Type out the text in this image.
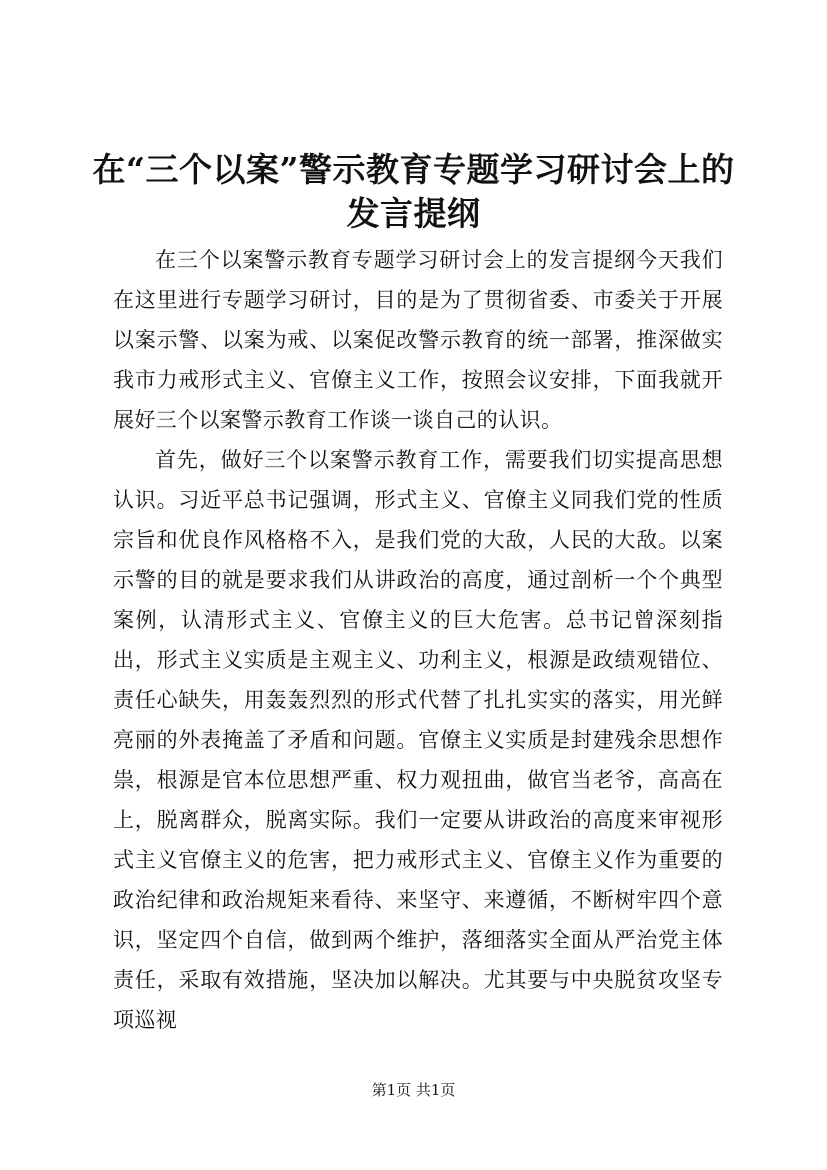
在“三个以案”警示教育专题学习研讨会上的
发言提纲

在三个以案警示教育专题学习研讨会上的发言提纲今天我们在这里进行专题学习研讨，目的是为了贯彻省委、市委关于开展以案示警、以案为戒、以案促改警示教育的统一部署，推深做实我市力戒形式主义、官僚主义工作，按照会议安排，下面我就开展好三个以案警示教育工作谈一谈自己的认识。

首先，做好三个以案警示教育工作，需要我们切实提高思想认识。习近平总书记强调，形式主义、官僚主义同我们党的性质宗旨和优良作风格格不入，是我们党的大敌，人民的大敌。以案示警的目的就是要求我们从讲政治的高度，通过剖析一个个典型案例，认清形式主义、官僚主义的巨大危害。总书记曾深刻指出，形式主义实质是主观主义、功利主义，根源是政绩观错位、责任心缺失，用轰轰烈烈的形式代替了扎扎实实的落实，用光鲜亮丽的外表掩盖了矛盾和问题。官僚主义实质是封建残余思想作祟，根源是官本位思想严重、权力观扭曲，做官当老爷，高高在上，脱离群众，脱离实际。我们一定要从讲政治的高度来审视形式主义官僚主义的危害，把力戒形式主义、官僚主义作为重要的政治纪律和政治规矩来看待、来坚守、来遵循，不断树牢四个意识，坚定四个自信，做到两个维护，落细落实全面从严治党主体责任，采取有效措施，坚决加以解决。尤其要与中央脱贫攻坚专项巡视

第1页 共1页
